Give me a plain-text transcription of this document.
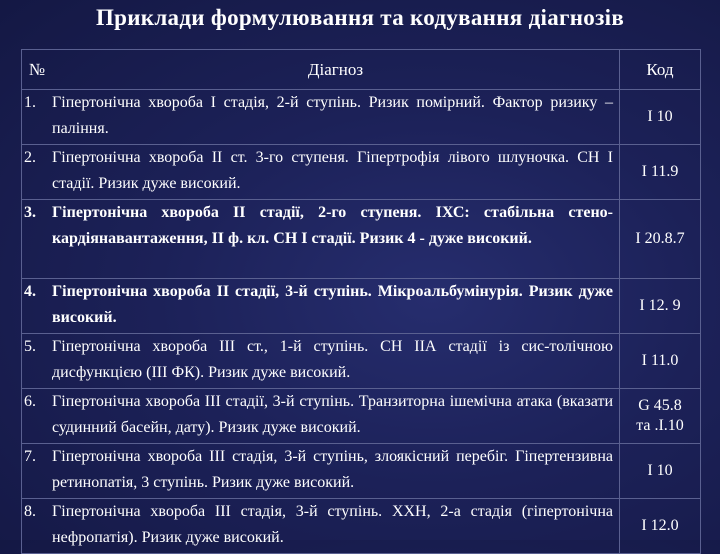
Приклади формулювання та кодування діагнозів
№	Діагноз	Код
1.	Гіпертонічна хвороба І стадія, 2-й ступінь. Ризик помірний. Фактор ризику – паління.	І 10

2.	Гіпертонічна хвороба ІІ ст. 3-го ступеня. Гіпертрофія лівого шлуночка. СН І стадії. Ризик дуже високий.	І 11.9

3.	Гіпертонічна хвороба ІІ стадії, 2-го ступеня. ІХС: стабільна стено-кардіянавантаження, ІІ ф. кл. СН І стадії. Ризик 4 - дуже високий.	І 20.8.7

4.	Гіпертонічна хвороба ІІ стадії, 3-й ступінь. Мікроальбумінурія. Ризик дуже високий.	І 12. 9

5.	Гіпертонічна хвороба ІІІ ст., 1-й ступінь. СН ІІА стадії із сис-толічною дисфункцією (ІІІ ФК). Ризик дуже високий.	І 11.0

6.	Гіпертонічна хвороба ІІІ стадії, 3-й ступінь. Транзиторна ішемічна атака (вказати судинний басейн, дату). Ризик дуже високий.	G 45.8
та .І.10

7.	Гіпертонічна хвороба ІІІ стадія, 3-й ступінь, злоякісний перебіг. Гіпертензивна ретинопатія, 3 ступінь. Ризик дуже високий.	І 10

8.	Гіпертонічна хвороба ІІІ стадія, 3-й ступінь. ХХН, 2-а стадія (гіпертонічна нефропатія). Ризик дуже високий.	І 12.0
